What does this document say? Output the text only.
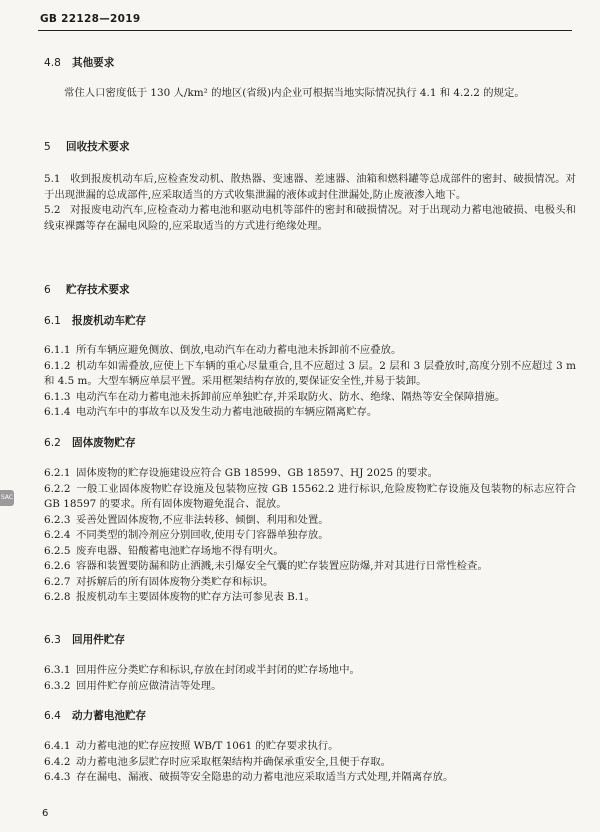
GB 22128—2019
4.8 其他要求
常住人口密度低于 130 人/km² 的地区(省级)内企业可根据当地实际情况执行 4.1 和 4.2.2 的规定。
5 回收技术要求
5.1 收到报废机动车后,应检查发动机、散热器、变速器、差速器、油箱和燃料罐等总成部件的密封、破损情况。对于出现泄漏的总成部件,应采取适当的方式收集泄漏的液体或封住泄漏处,防止废液渗入地下。
5.2 对报废电动汽车,应检查动力蓄电池和驱动电机等部件的密封和破损情况。对于出现动力蓄电池破损、电极头和线束裸露等存在漏电风险的,应采取适当的方式进行绝缘处理。
6 贮存技术要求
6.1 报废机动车贮存
6.1.1 所有车辆应避免侧放、倒放,电动汽车在动力蓄电池未拆卸前不应叠放。
6.1.2 机动车如需叠放,应使上下车辆的重心尽量重合,且不应超过 3 层。2 层和 3 层叠放时,高度分别不应超过 3 m 和 4.5 m。大型车辆应单层平置。采用框架结构存放的,要保证安全性,并易于装卸。
6.1.3 电动汽车在动力蓄电池未拆卸前应单独贮存,并采取防火、防水、绝缘、隔热等安全保障措施。
6.1.4 电动汽车中的事故车以及发生动力蓄电池破损的车辆应隔离贮存。
6.2 固体废物贮存
6.2.1 固体废物的贮存设施建设应符合 GB 18599、GB 18597、HJ 2025 的要求。
6.2.2 一般工业固体废物贮存设施及包装物应按 GB 15562.2 进行标识,危险废物贮存设施及包装物的标志应符合 GB 18597 的要求。所有固体废物避免混合、混放。
6.2.3 妥善处置固体废物,不应非法转移、倾倒、利用和处置。
6.2.4 不同类型的制冷剂应分别回收,使用专门容器单独存放。
6.2.5 废弃电器、铅酸蓄电池贮存场地不得有明火。
6.2.6 容器和装置要防漏和防止洒溅,未引爆安全气囊的贮存装置应防爆,并对其进行日常性检查。
6.2.7 对拆解后的所有固体废物分类贮存和标识。
6.2.8 报废机动车主要固体废物的贮存方法可参见表 B.1。
6.3 回用件贮存
6.3.1 回用件应分类贮存和标识,存放在封闭或半封闭的贮存场地中。
6.3.2 回用件贮存前应做清洁等处理。
6.4 动力蓄电池贮存
6.4.1 动力蓄电池的贮存应按照 WB/T 1061 的贮存要求执行。
6.4.2 动力蓄电池多层贮存时应采取框架结构并确保承重安全,且便于存取。
6.4.3 存在漏电、漏液、破损等安全隐患的动力蓄电池应采取适当方式处理,并隔离存放。
SAC
6
